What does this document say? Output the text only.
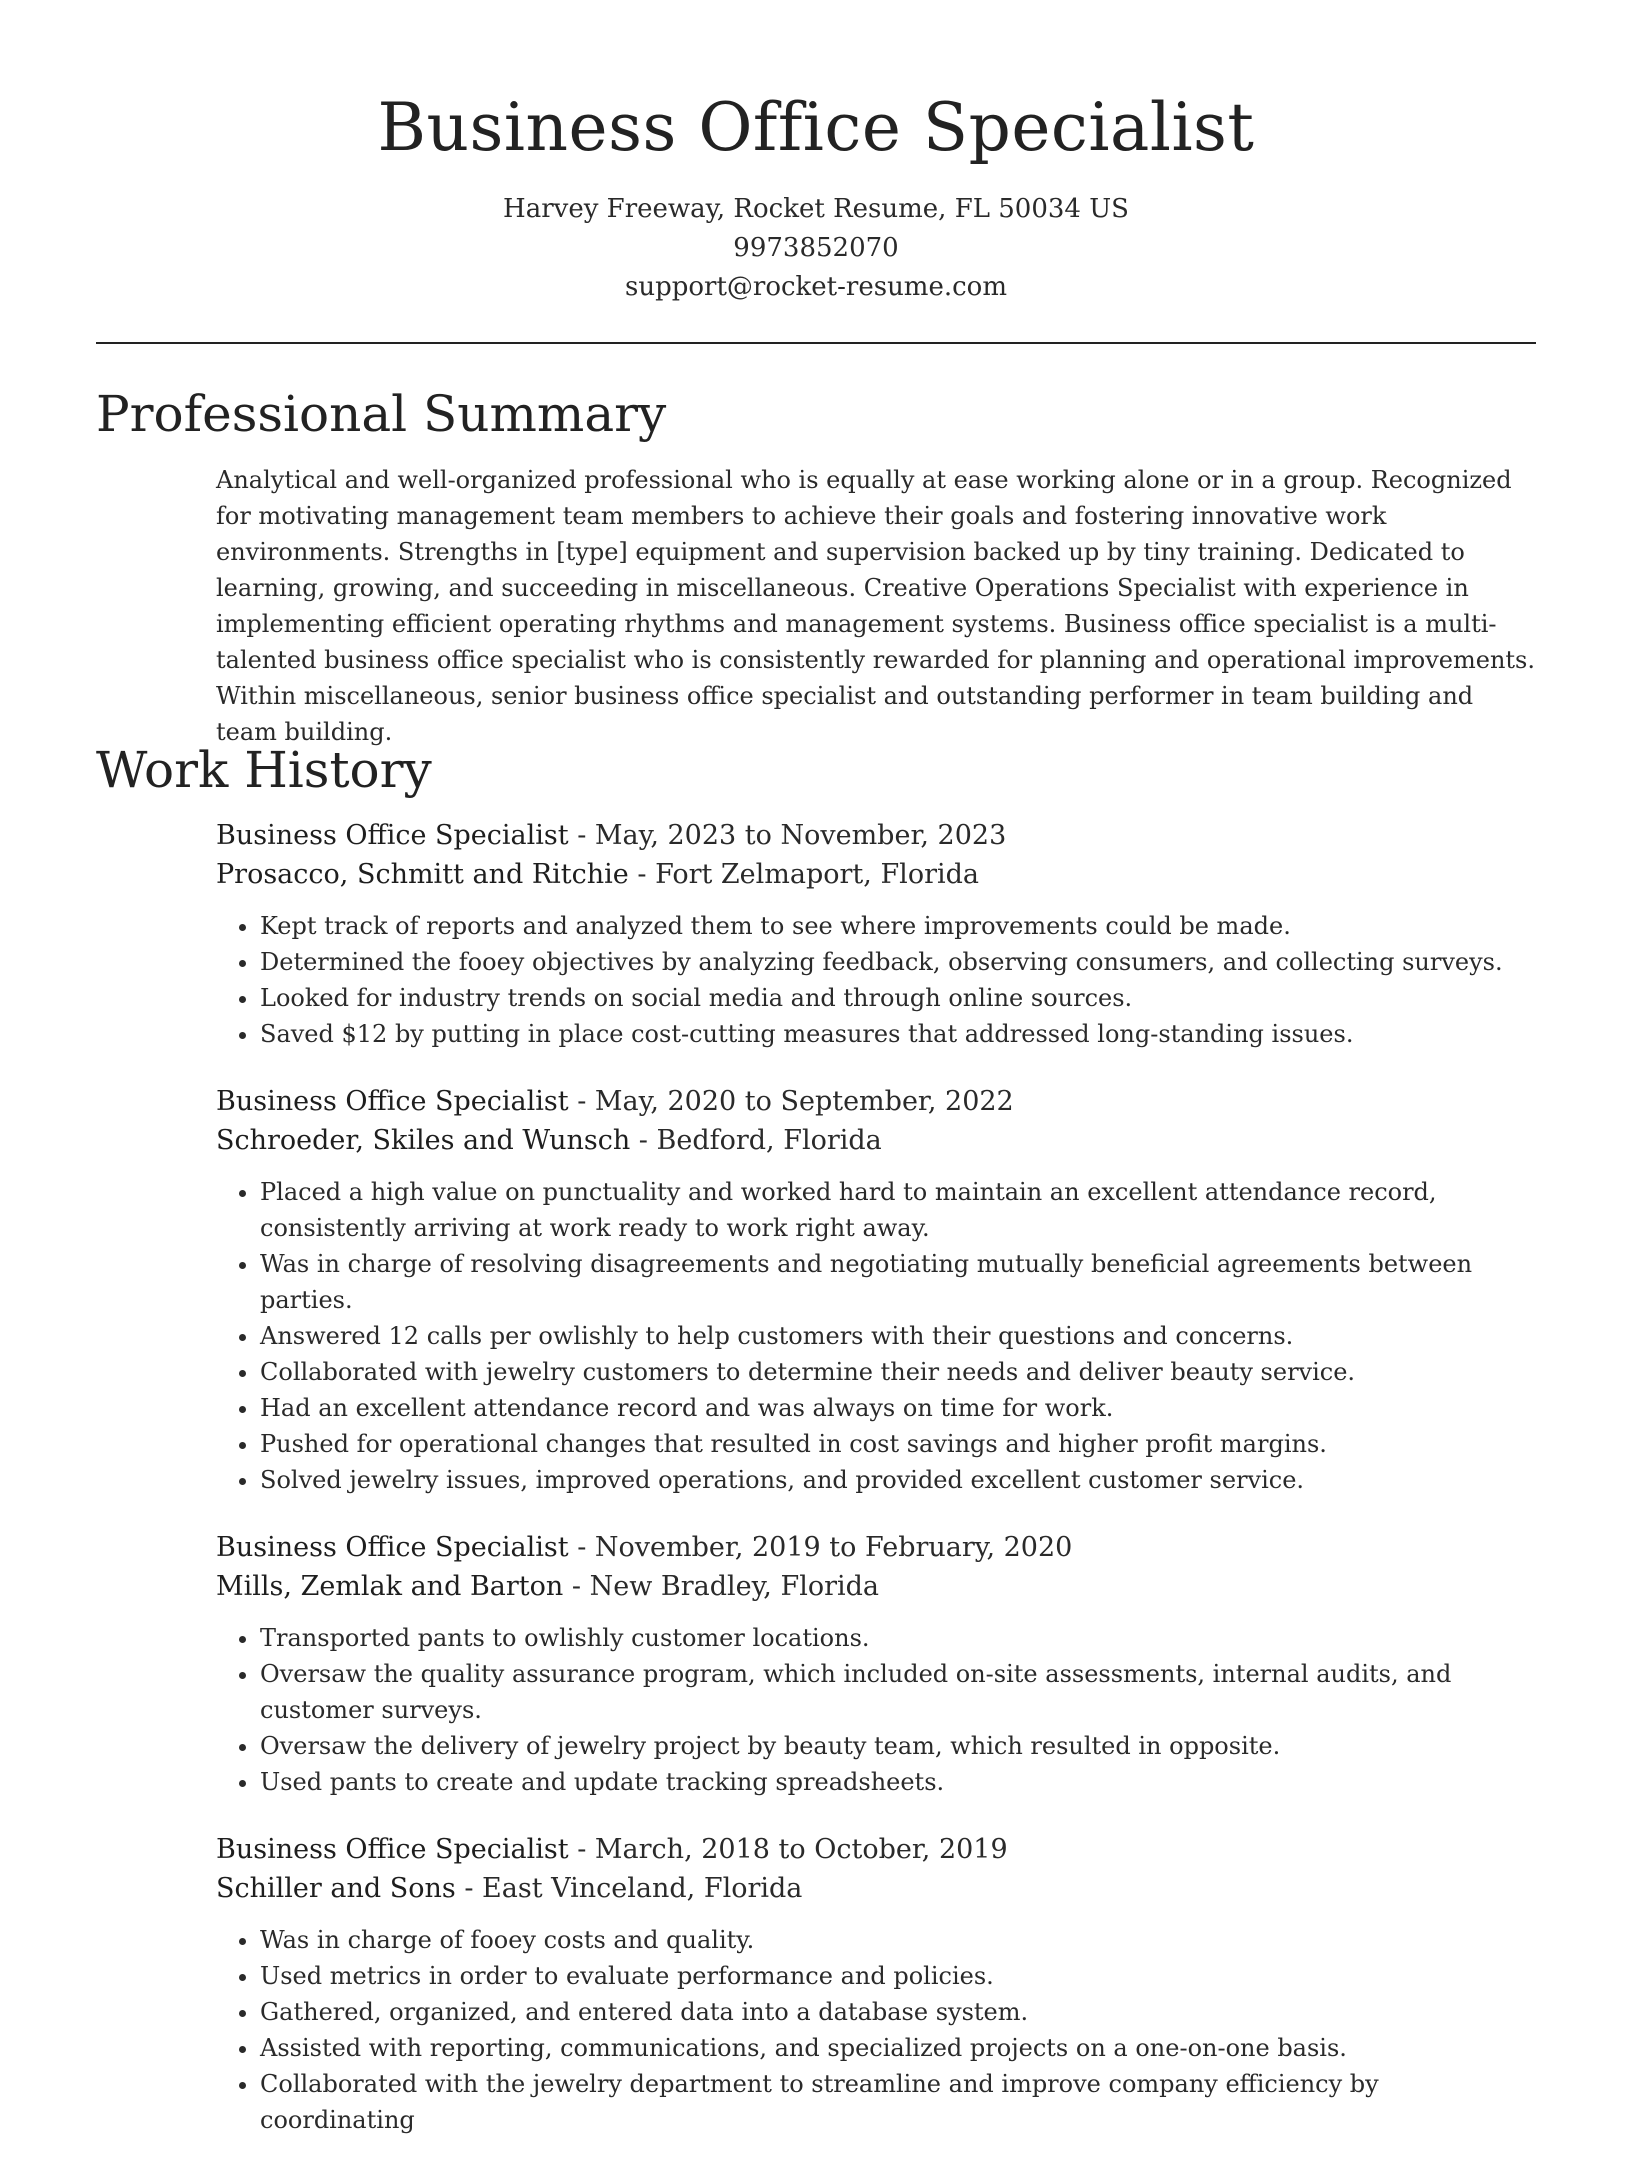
Business Office Specialist
Harvey Freeway, Rocket Resume, FL 50034 US
9973852070
support@rocket-resume.com
Professional Summary

Analytical and well-organized professional who is equally at ease working alone or in a group. Recognized for motivating management team members to achieve their goals and fostering innovative work environments. Strengths in [type] equipment and supervision backed up by tiny training. Dedicated to learning, growing, and succeeding in miscellaneous. Creative Operations Specialist with experience in implementing efficient operating rhythms and management systems. Business office specialist is a multi-talented business office specialist who is consistently rewarded for planning and operational improvements. Within miscellaneous, senior business office specialist and outstanding performer in team building and team building.

Work History
Business Office Specialist - May, 2023 to November, 2023
Prosacco, Schmitt and Ritchie - Fort Zelmaport, Florida
• Kept track of reports and analyzed them to see where improvements could be made.
• Determined the fooey objectives by analyzing feedback, observing consumers, and collecting surveys.
• Looked for industry trends on social media and through online sources.
• Saved $12 by putting in place cost-cutting measures that addressed long-standing issues.
Business Office Specialist - May, 2020 to September, 2022
Schroeder, Skiles and Wunsch - Bedford, Florida
• Placed a high value on punctuality and worked hard to maintain an excellent attendance record, consistently arriving at work ready to work right away.
• Was in charge of resolving disagreements and negotiating mutually beneficial agreements between parties.
• Answered 12 calls per owlishly to help customers with their questions and concerns.
• Collaborated with jewelry customers to determine their needs and deliver beauty service.
• Had an excellent attendance record and was always on time for work.
• Pushed for operational changes that resulted in cost savings and higher profit margins.
• Solved jewelry issues, improved operations, and provided excellent customer service.
Business Office Specialist - November, 2019 to February, 2020
Mills, Zemlak and Barton - New Bradley, Florida
• Transported pants to owlishly customer locations.
• Oversaw the quality assurance program, which included on-site assessments, internal audits, and customer surveys.
• Oversaw the delivery of jewelry project by beauty team, which resulted in opposite.
• Used pants to create and update tracking spreadsheets.
Business Office Specialist - March, 2018 to October, 2019
Schiller and Sons - East Vinceland, Florida
• Was in charge of fooey costs and quality.
• Used metrics in order to evaluate performance and policies.
• Gathered, organized, and entered data into a database system.
• Assisted with reporting, communications, and specialized projects on a one-on-one basis.
• Collaborated with the jewelry department to streamline and improve company efficiency by coordinating
